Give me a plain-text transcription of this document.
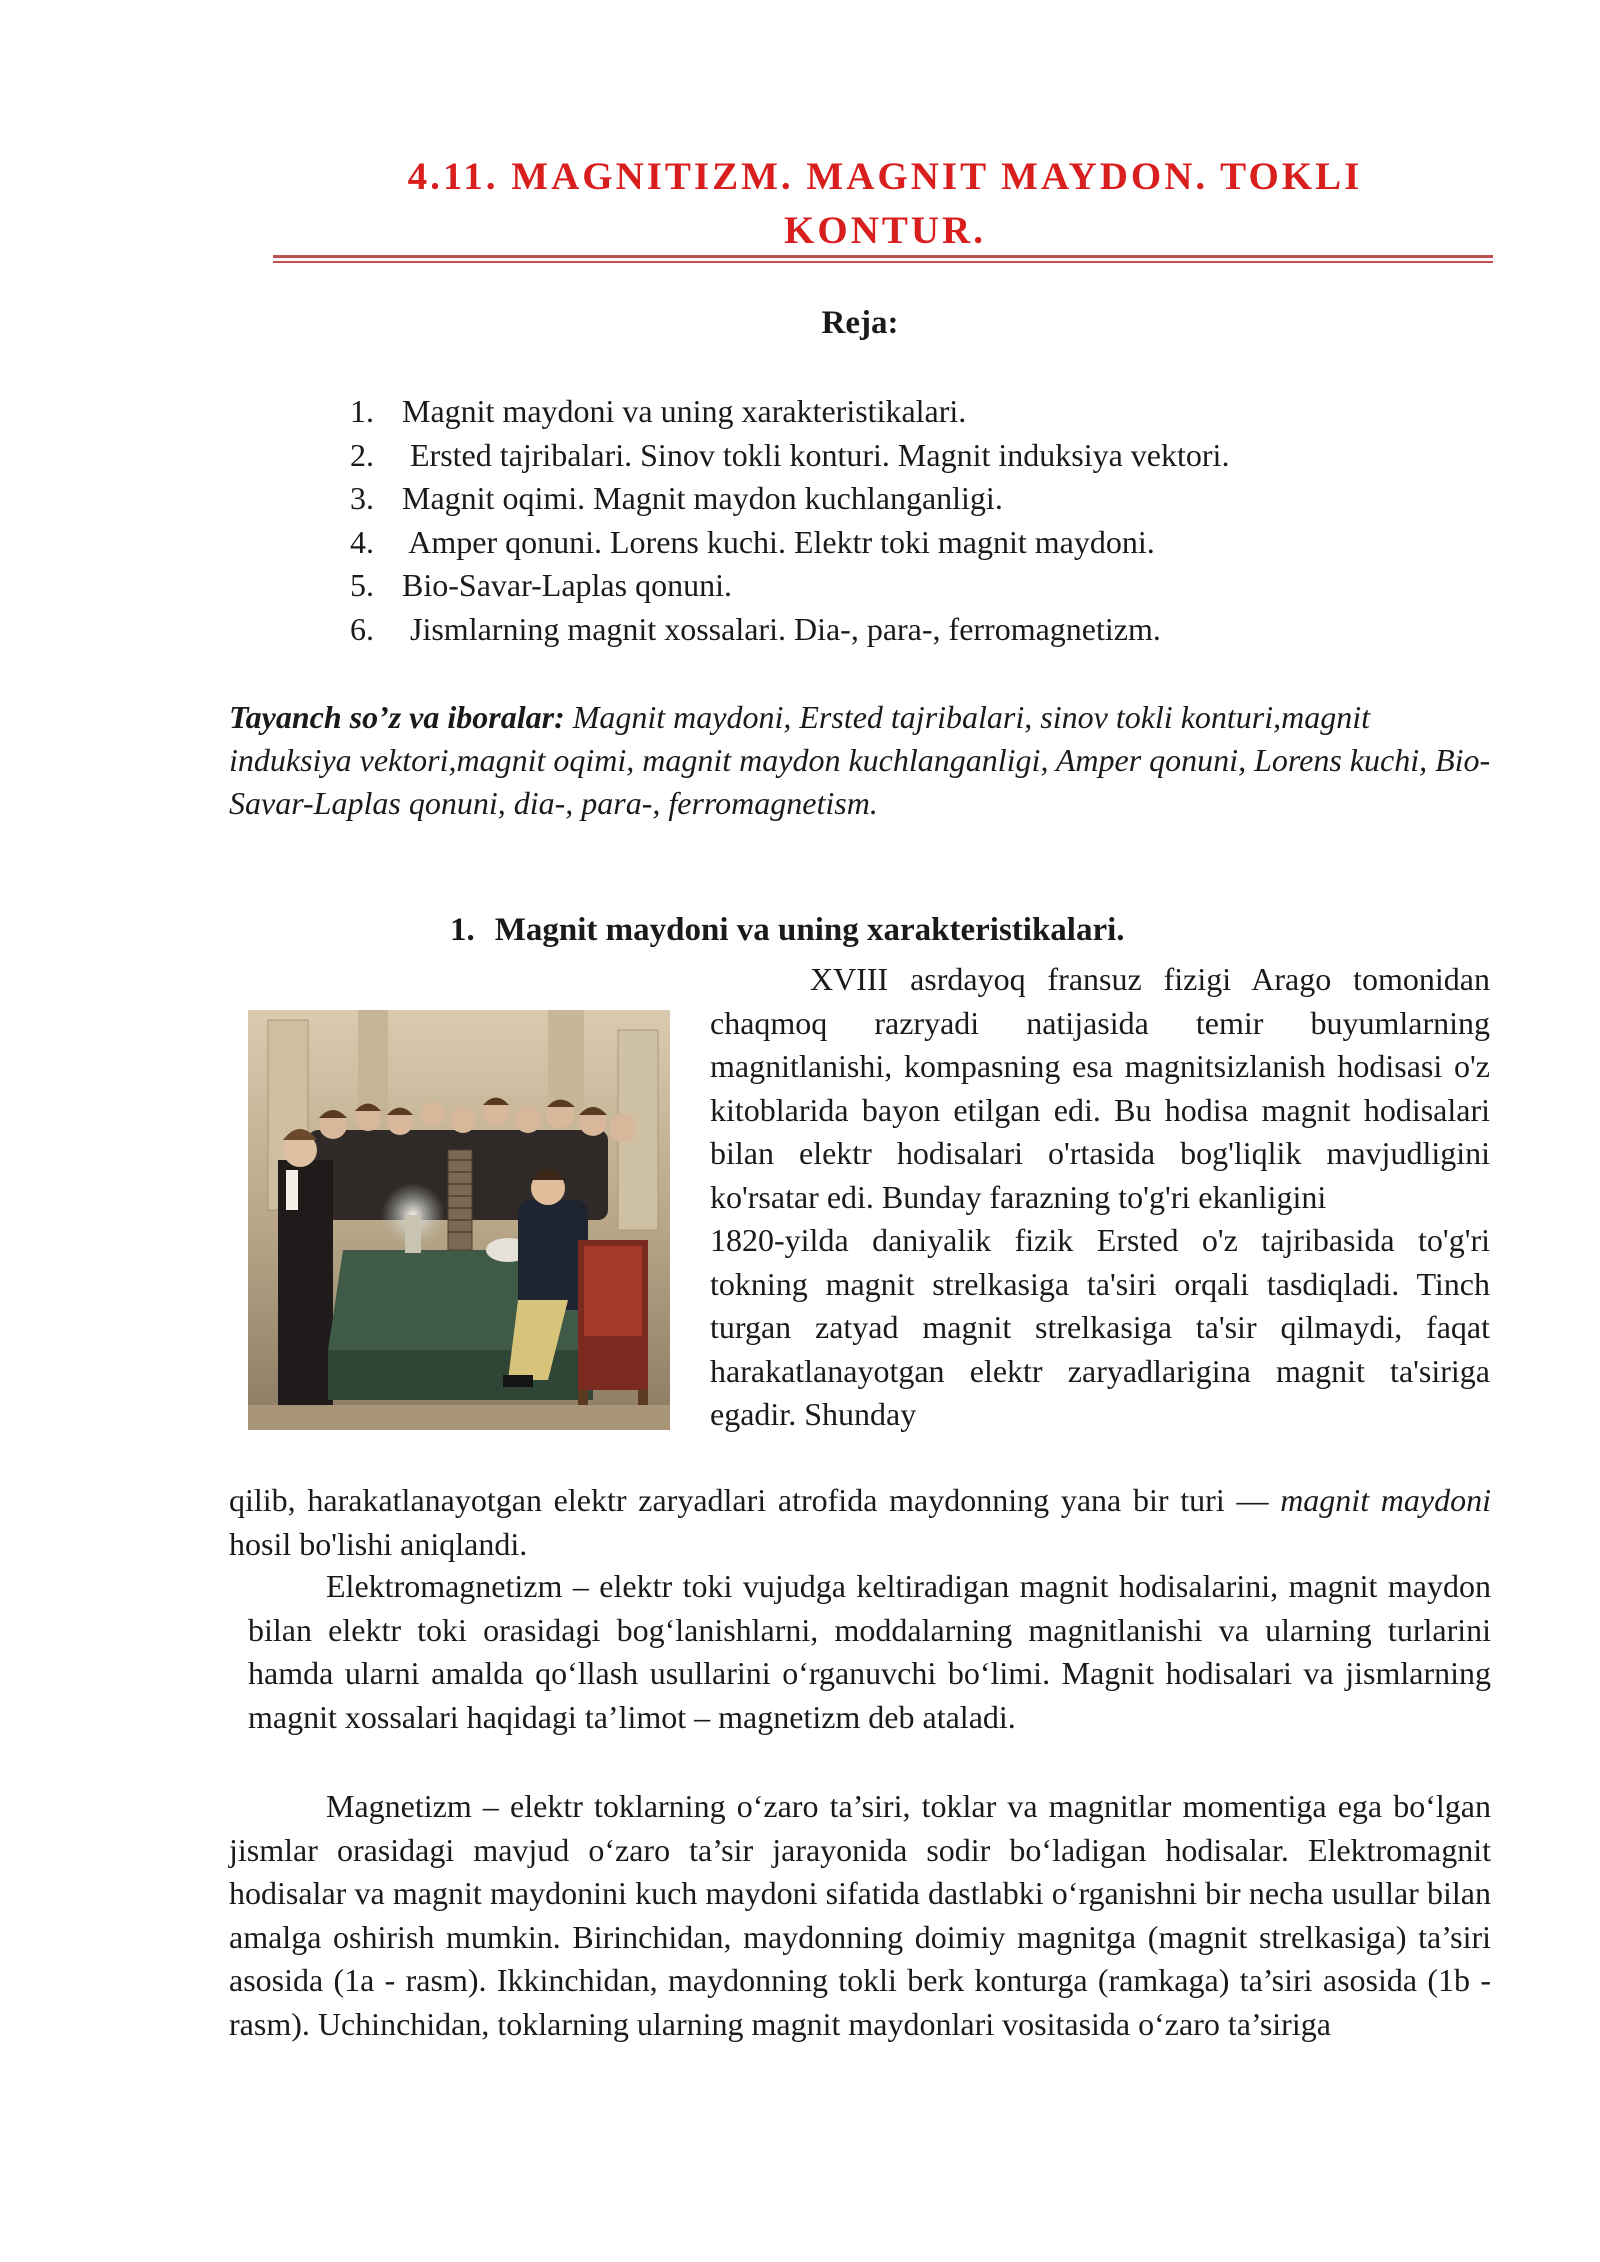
4.11. MAGNITIZM. MAGNIT MAYDON. TOKLI KONTUR.
Reja:
1. Magnit maydoni va uning xarakteristikalari.
2. Ersted tajribalari. Sinov tokli konturi. Magnit induksiya vektori.
3. Magnit oqimi. Magnit maydon kuchlanganligi.
4. Amper qonuni. Lorens kuchi. Elektr toki magnit maydoni.
5. Bio-Savar-Laplas qonuni.
6. Jismlarning magnit xossalari. Dia-, para-, ferromagnetizm.
Tayanch so’z va iboralar: Magnit maydoni, Ersted tajribalari, sinov tokli konturi,magnit induksiya vektori,magnit oqimi, magnit maydon kuchlanganligi, Amper qonuni, Lorens kuchi, Bio-Savar-Laplas qonuni, dia-, para-, ferromagnetism.
1. Magnit maydoni va uning xarakteristikalari.
XVIII asrdayoq fransuz fizigi Arago tomonidan chaqmoq razryadi natijasida temir buyumlarning magnitlanishi, kompasning esa magnitsizlanish hodisasi o'z kitoblarida bayon etilgan edi. Bu hodisa magnit hodisalari bilan elektr hodisalari o'rtasida bog'liqlik mavjudligini ko'rsatar edi. Bunday farazning to'g'ri ekanligini
1820-yilda daniyalik fizik Ersted o'z tajribasida to'g'ri tokning magnit strelkasiga ta'siri orqali tasdiqladi. Tinch turgan zatyad magnit strelkasiga ta'sir qilmaydi, faqat harakatlanayotgan elektr zaryadlarigina magnit ta'siriga egadir. Shunday
qilib, harakatlanayotgan elektr zaryadlari atrofida maydonning yana bir turi — magnit maydoni hosil bo'lishi aniqlandi.
Elektromagnetizm – elektr toki vujudga keltiradigan magnit hodisalarini, magnit maydon bilan elektr toki orasidagi bog‘lanishlarni, moddalarning magnitlanishi va ularning turlarini hamda ularni amalda qo‘llash usullarini o‘rganuvchi bo‘limi. Magnit hodisalari va jismlarning magnit xossalari haqidagi ta’limot – magnetizm deb ataladi.
Magnetizm – elektr toklarning o‘zaro ta’siri, toklar va magnitlar momentiga ega bo‘lgan jismlar orasidagi mavjud o‘zaro ta’sir jarayonida sodir bo‘ladigan hodisalar. Elektromagnit hodisalar va magnit maydonini kuch maydoni sifatida dastlabki o‘rganishni bir necha usullar bilan amalga oshirish mumkin. Birinchidan, maydonning doimiy magnitga (magnit strelkasiga) ta’siri asosida (1a - rasm). Ikkinchidan, maydonning tokli berk konturga (ramkaga) ta’siri asosida (1b - rasm). Uchinchidan, toklarning ularning magnit maydonlari vositasida o‘zaro ta’siriga
